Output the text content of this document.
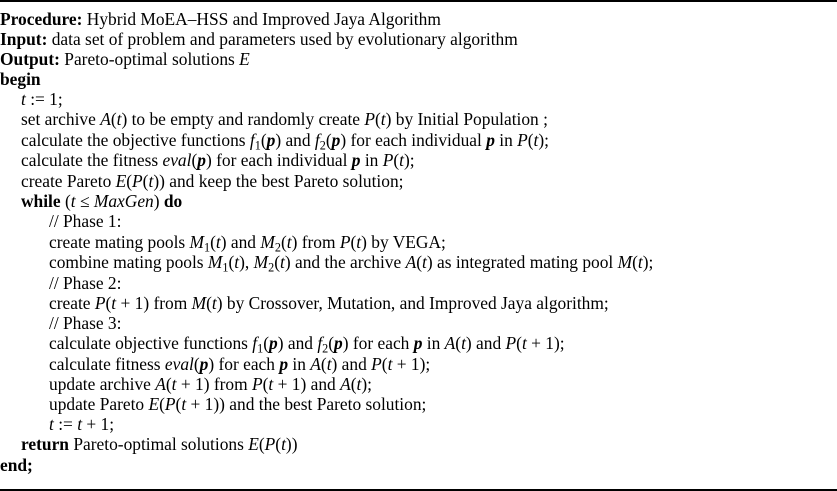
Procedure: Hybrid MoEA–HSS and Improved Jaya Algorithm
Input: data set of problem and parameters used by evolutionary algorithm
Output: Pareto-optimal solutions E
begin
t := 1;
set archive A(t) to be empty and randomly create P(t) by Initial Population ;
calculate the objective functions $f_1(p)$ and $f_2(p)$ for each individual p in P(t);
calculate the fitness eval(p) for each individual p in P(t);
create Pareto E(P(t)) and keep the best Pareto solution;
while (t ≤ MaxGen) do
// Phase 1:
create mating pools $M_1(t)$ and $M_2(t)$ from P(t) by VEGA;
combine mating pools $M_1(t)$, $M_2(t)$ and the archive A(t) as integrated mating pool M(t);
// Phase 2:
create P(t + 1) from M(t) by Crossover, Mutation, and Improved Jaya algorithm;
// Phase 3:
calculate objective functions $f_1(p)$ and $f_2(p)$ for each p in A(t) and P(t + 1);
calculate fitness eval(p) for each p in A(t) and P(t + 1);
update archive A(t + 1) from P(t + 1) and A(t);
update Pareto E(P(t + 1)) and the best Pareto solution;
t := t + 1;
return Pareto-optimal solutions E(P(t))
end;
